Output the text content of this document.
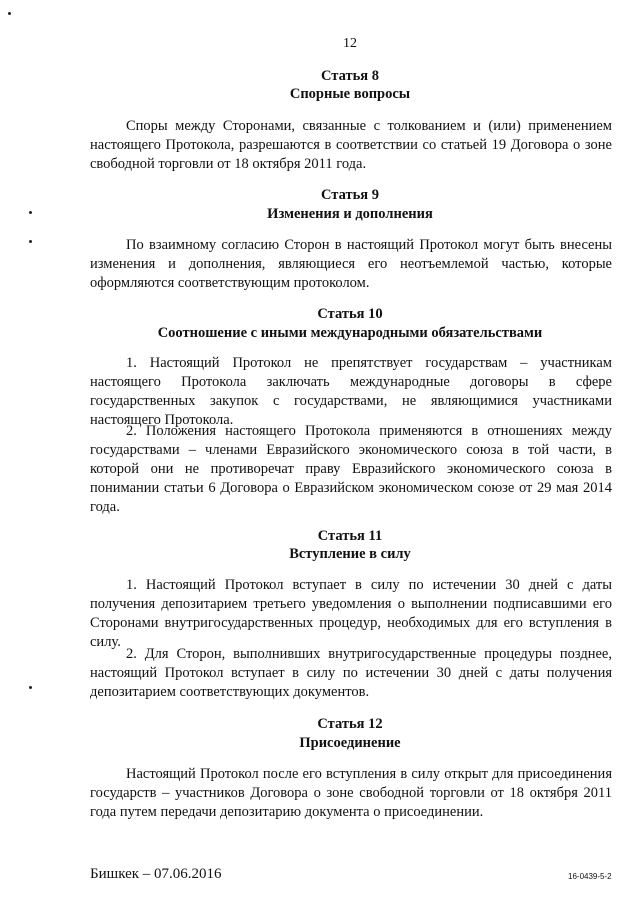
12
Статья 8
Спорные вопросы
Споры между Сторонами, связанные с толкованием и (или) применением настоящего Протокола, разрешаются в соответствии со статьей 19 Договора о зоне свободной торговли от 18 октября 2011 года.
Статья 9
Изменения и дополнения
По взаимному согласию Сторон в настоящий Протокол могут быть внесены изменения и дополнения, являющиеся его неотъемлемой частью, которые оформляются соответствующим протоколом.
Статья 10
Соотношение с иными международными обязательствами
1. Настоящий Протокол не препятствует государствам – участникам настоящего Протокола заключать международные договоры в сфере государственных закупок с государствами, не являющимися участниками настоящего Протокола.
2. Положения настоящего Протокола применяются в отношениях между государствами – членами Евразийского экономического союза в той части, в которой они не противоречат праву Евразийского экономического союза в понимании статьи 6 Договора о Евразийском экономическом союзе от 29 мая 2014 года.
Статья 11
Вступление в силу
1. Настоящий Протокол вступает в силу по истечении 30 дней с даты получения депозитарием третьего уведомления о выполнении подписавшими его Сторонами внутригосударственных процедур, необходимых для его вступления в силу.
2. Для Сторон, выполнивших внутригосударственные процедуры позднее, настоящий Протокол вступает в силу по истечении 30 дней с даты получения депозитарием соответствующих документов.
Статья 12
Присоединение
Настоящий Протокол после его вступления в силу открыт для присоединения государств – участников Договора о зоне свободной торговли от 18 октября 2011 года путем передачи депозитарию документа о присоединении.
Бишкек – 07.06.2016	16-0439-5-2
